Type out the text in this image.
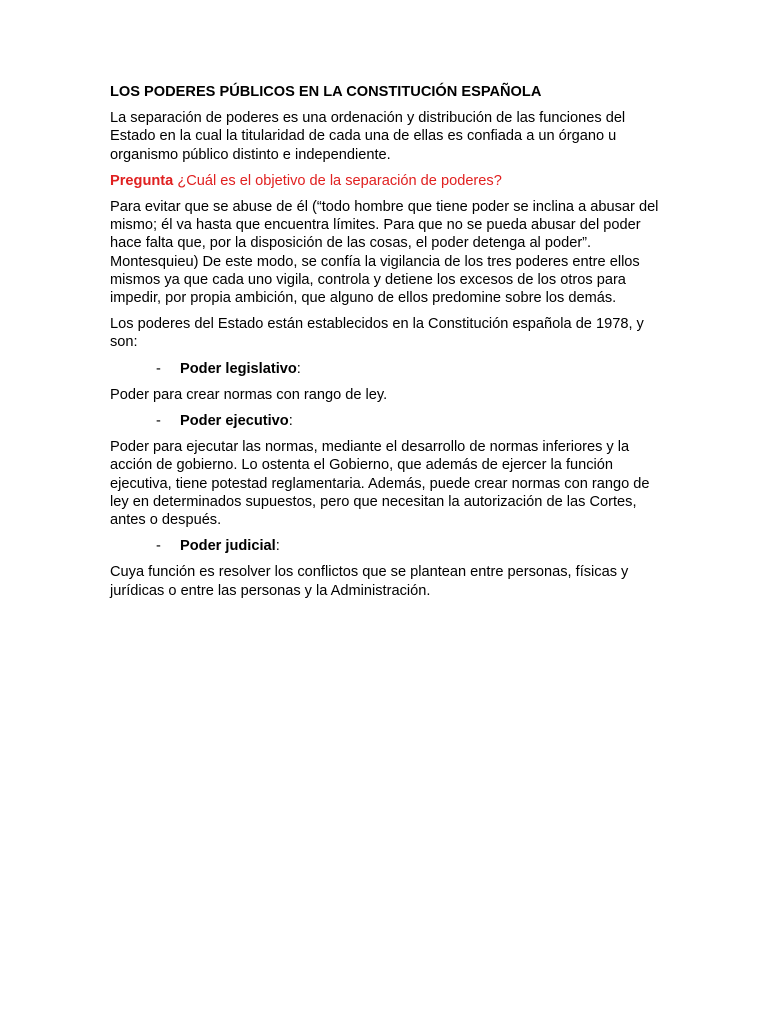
LOS PODERES PÚBLICOS EN LA CONSTITUCIÓN ESPAÑOLA

La separación de poderes es una ordenación y distribución de las funciones del Estado en la cual la titularidad de cada una de ellas es confiada a un órgano u organismo público distinto e independiente.

Pregunta ¿Cuál es el objetivo de la separación de poderes?

Para evitar que se abuse de él (“todo hombre que tiene poder se inclina a abusar del mismo; él va hasta que encuentra límites. Para que no se pueda abusar del poder hace falta que, por la disposición de las cosas, el poder detenga al poder”. Montesquieu) De este modo, se confía la vigilancia de los tres poderes entre ellos mismos ya que cada uno vigila, controla y detiene los excesos de los otros para impedir, por propia ambición, que alguno de ellos predomine sobre los demás.

Los poderes del Estado están establecidos en la Constitución española de 1978, y son:

-	Poder legislativo:

Poder para crear normas con rango de ley.

-	Poder ejecutivo:

Poder para ejecutar las normas, mediante el desarrollo de normas inferiores y la acción de gobierno. Lo ostenta el Gobierno, que además de ejercer la función ejecutiva, tiene potestad reglamentaria. Además, puede crear normas con rango de ley en determinados supuestos, pero que necesitan la autorización de las Cortes, antes o después.

-	Poder judicial:

Cuya función es resolver los conflictos que se plantean entre personas, físicas y jurídicas o entre las personas y la Administración.
